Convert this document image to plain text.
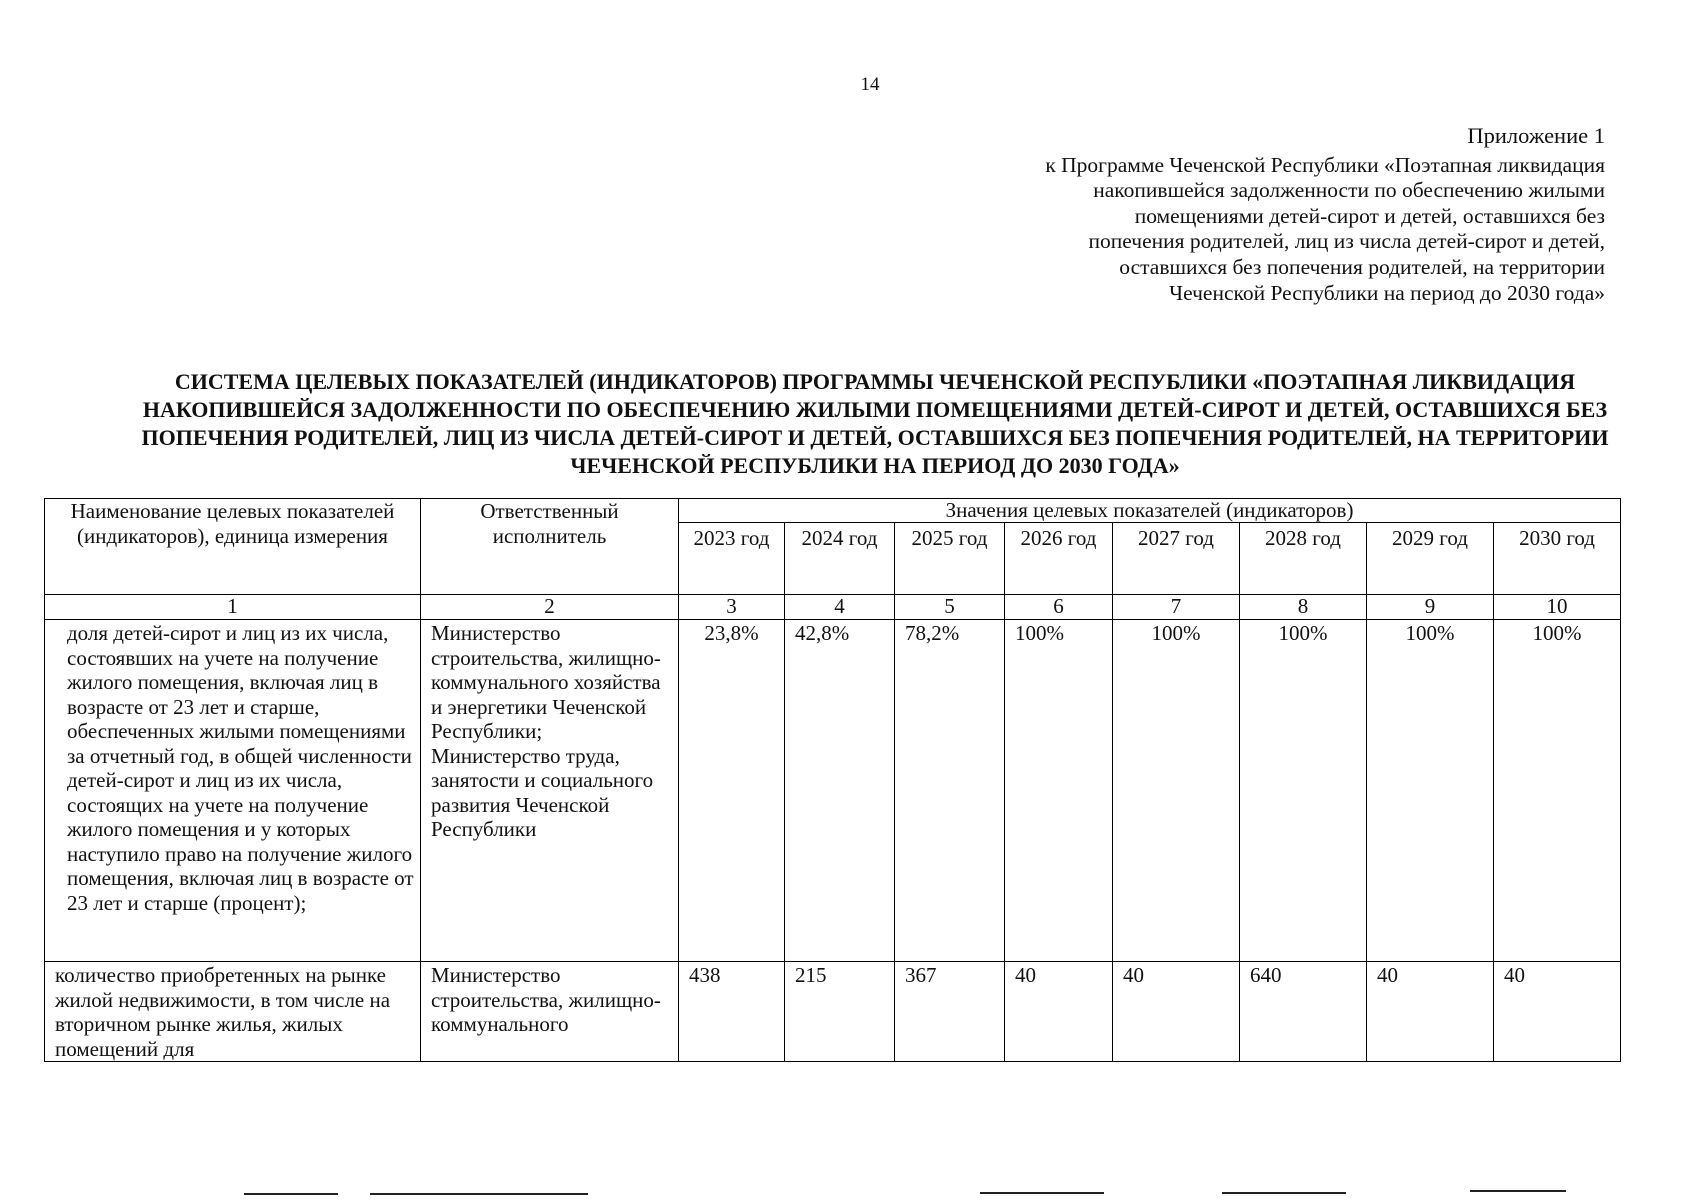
14
Приложение 1
к Программе Чеченской Республики «Поэтапная ликвидация накопившейся задолженности по обеспечению жилыми помещениями детей-сирот и детей, оставшихся без попечения родителей, лиц из числа детей-сирот и детей, оставшихся без попечения родителей, на территории Чеченской Республики на период до 2030 года»
СИСТЕМА ЦЕЛЕВЫХ ПОКАЗАТЕЛЕЙ (ИНДИКАТОРОВ) ПРОГРАММЫ ЧЕЧЕНСКОЙ РЕСПУБЛИКИ «ПОЭТАПНАЯ ЛИКВИДАЦИЯ НАКОПИВШЕЙСЯ ЗАДОЛЖЕННОСТИ ПО ОБЕСПЕЧЕНИЮ ЖИЛЫМИ ПОМЕЩЕНИЯМИ ДЕТЕЙ-СИРОТ И ДЕТЕЙ, ОСТАВШИХСЯ БЕЗ ПОПЕЧЕНИЯ РОДИТЕЛЕЙ, ЛИЦ ИЗ ЧИСЛА ДЕТЕЙ-СИРОТ И ДЕТЕЙ, ОСТАВШИХСЯ БЕЗ ПОПЕЧЕНИЯ РОДИТЕЛЕЙ, НА ТЕРРИТОРИИ ЧЕЧЕНСКОЙ РЕСПУБЛИКИ НА ПЕРИОД ДО 2030 ГОДА»
Наименование целевых показателей (индикаторов), единица измерения	Ответственный исполнитель	Значения целевых показателей (индикаторов)							
		2023 год	2024 год	2025 год	2026 год	2027 год	2028 год	2029 год	2030 год
1	2	3	4	5	6	7	8	9	10
доля детей-сирот и лиц из их числа, состоявших на учете на получение жилого помещения, включая лиц в возрасте от 23 лет и старше, обеспеченных жилыми помещениями за отчетный год, в общей численности детей-сирот и лиц из их числа, состоящих на учете на получение жилого помещения и у которых наступило право на получение жилого помещения, включая лиц в возрасте от 23 лет и старше (процент);	Министерство строительства, жилищно-коммунального хозяйства и энергетики Чеченской Республики; Министерство труда, занятости и социального развития Чеченской Республики	23,8%	42,8%	78,2%	100%	100%	100%	100%	100%
количество приобретенных на рынке жилой недвижимости, в том числе на вторичном рынке жилья, жилых помещений для	Министерство строительства, жилищно-коммунального	438	215	367	40	40	640	40	40
